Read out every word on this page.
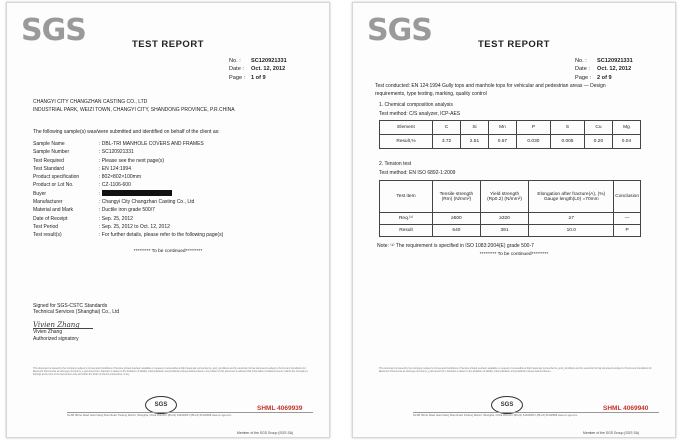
SGS	TEST REPORT
No. : SC120921331
Date : Oct. 12, 2012
Page : 1 of 9
CHANGYI CITY CHANGZHAN CASTING CO., LTD
INDUSTRIAL PARK, WEIZI TOWN, CHANGYI CITY, SHANDONG PROVINCE, P.R.CHINA
The following sample(s) was/were submitted and identified on behalf of the client as:
Sample Name	: DBL-TRI MANHOLE COVERS AND FRAMES
Sample Number	: SC120921331
Test Required	: Please see the next page(s)
Test Standard	: EN 124:1994
Product specification	: 802×802×100mm
Product or Lot No.	: CZ-1106-600
Buyer	:
Manufacturer	: Changyi City Changzhan Casting Co., Ltd
Material and Mark	: Ductile iron grade 500/7
Date of Receipt	: Sep. 25, 2012
Test Period	: Sep. 25, 2012 to Oct. 12, 2012
Test result(s)	: For further details, please refer to the following page(s)
********* To be continued*********
Signed for SGS-CSTC Standards
Technical Services (Shanghai) Co., Ltd
Vivien Zhang
Vivien Zhang
Authorized signatory
This document is issued by the Company subject to its General Conditions of Service printed overleaf, available on request or accessible at http://www.sgs.com/en/terms_and_conditions and for electronic format documents subject to Terms and Conditions for Electronic Documents at www.sgs.com/terms_e-document.htm. Attention is drawn to the limitation of liability, indemnification and jurisdiction issues defined therein. Any holder of this document is advised that information contained hereon reflects the Company's findings at the time of its intervention only and within the limits of Client's instructions, if any.
SGS	SHML 4069939
No.88, Binhe Road, East Xiang Shan Road, Pudong District, Shanghai, China 201210 t (86-21) 61402666 f (86-21) 61402668 www.cn.sgs.com
Member of the SGS Group (SGS SA)
SGS	TEST REPORT
No. : SC120921331
Date : Oct. 12, 2012
Page : 2 of 9
Test conducted: EN 124:1994 Gully tops and manhole tops for vehicular and pedestrian areas — Design
requirements, type testing, marking, quality control
1. Chemical composition analysis
Test method: C/S analyzer, ICP-AES
Element	C	Si	Mn	P	S	Cu	Mg
Result,%	3.72	2.51	0.57	0.030	0.005	0.20	0.04
2. Tension test
Test method: EN ISO 6892-1:2009
Test item	Tensile strength (Rm) (N/mm²)	Yield strength (Rp0.2) (N/mm²)	Elongation after fracture(A), (%) Gauge length(L0) =70mm	Conclusion
Req.⁽¹⁾	≥500	≥320	≥7	—
Result	640	391	10.0	P
Note: ⁽¹⁾ The requirement is specified in ISO 1083:2004(E) grade 500-7
********* To be continued*********
This document is issued by the Company subject to its General Conditions of Service printed overleaf, available on request or accessible at http://www.sgs.com/en/terms_and_conditions and for electronic format documents subject to Terms and Conditions for Electronic Documents at www.sgs.com/terms_e-document.htm. Attention is drawn to the limitation of liability, indemnification and jurisdiction issues defined therein.
SGS	SHML 4069940
No.88, Binhe Road, East Xiang Shan Road, Pudong District, Shanghai, China 201210 t (86-21) 61402666 f (86-21) 61402668 www.cn.sgs.com
Member of the SGS Group (SGS SA)
